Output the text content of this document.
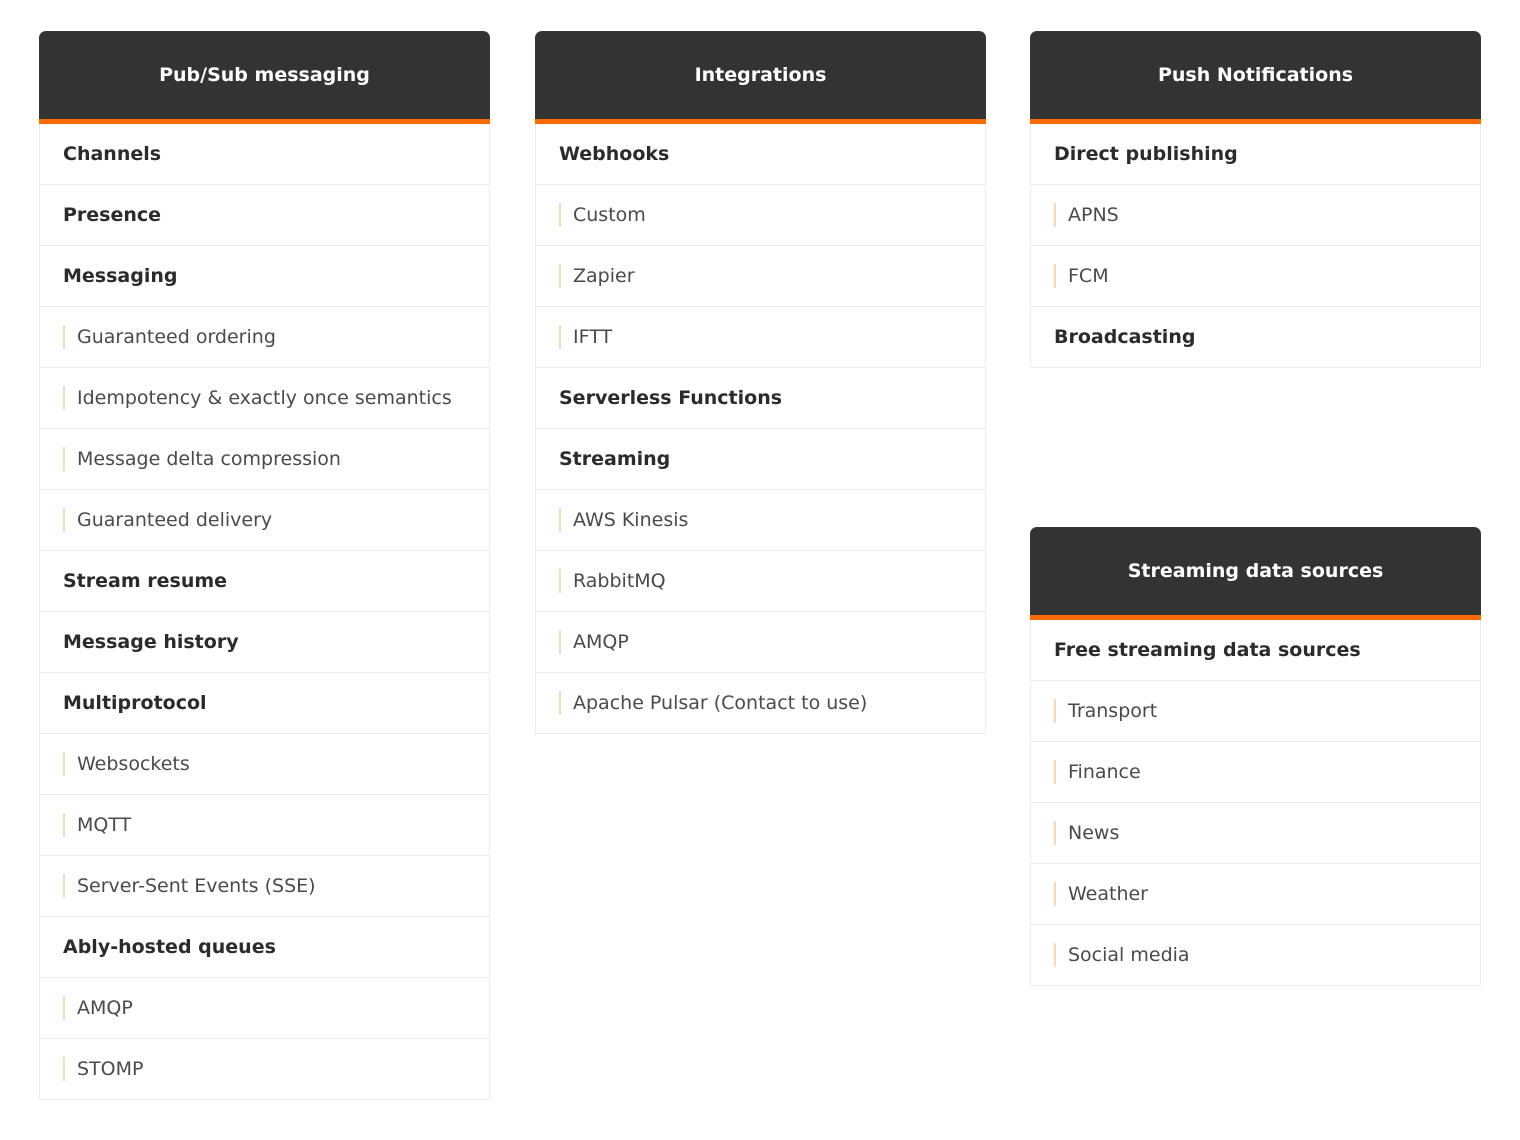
Pub/Sub messaging
Channels
Presence
Messaging
Guaranteed ordering
Idempotency & exactly once semantics
Message delta compression
Guaranteed delivery
Stream resume
Message history
Multiprotocol
Websockets
MQTT
Server-Sent Events (SSE)
Ably-hosted queues
AMQP
STOMP
Integrations
Webhooks
Custom
Zapier
IFTT
Serverless Functions
Streaming
AWS Kinesis
RabbitMQ
AMQP
Apache Pulsar (Contact to use)
Push Notifications
Direct publishing
APNS
FCM
Broadcasting
Streaming data sources
Free streaming data sources
Transport
Finance
News
Weather
Social media
